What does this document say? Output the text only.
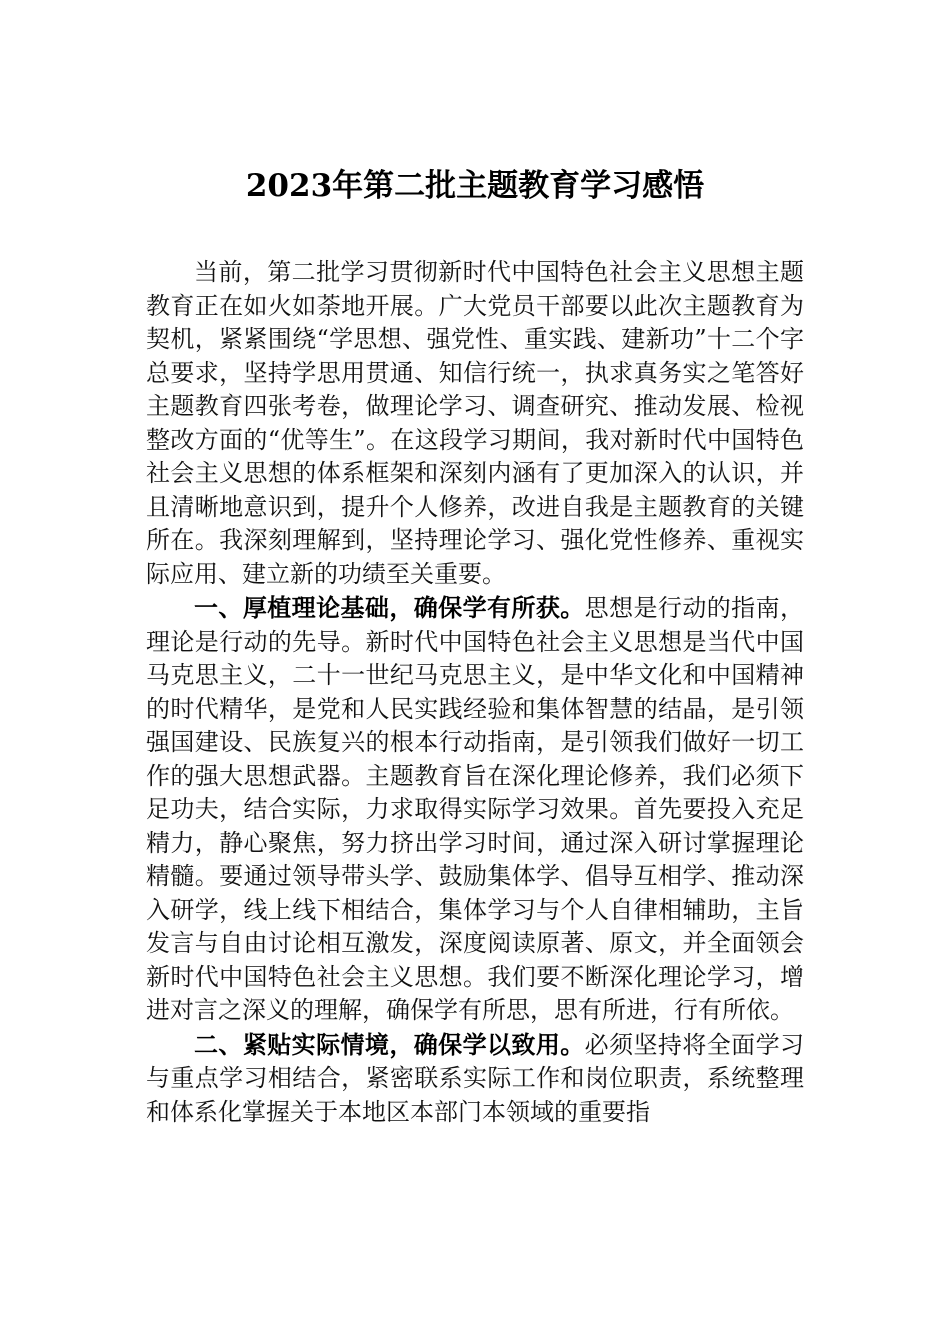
2023年第二批主题教育学习感悟

当前，第二批学习贯彻新时代中国特色社会主义思想主题教育正在如火如荼地开展。广大党员干部要以此次主题教育为契机，紧紧围绕“学思想、强党性、重实践、建新功”十二个字总要求，坚持学思用贯通、知信行统一，执求真务实之笔答好主题教育四张考卷，做理论学习、调查研究、推动发展、检视整改方面的“优等生”。在这段学习期间，我对新时代中国特色社会主义思想的体系框架和深刻内涵有了更加深入的认识，并且清晰地意识到，提升个人修养，改进自我是主题教育的关键所在。我深刻理解到，坚持理论学习、强化党性修养、重视实际应用、建立新的功绩至关重要。

一、厚植理论基础，确保学有所获。思想是行动的指南，理论是行动的先导。新时代中国特色社会主义思想是当代中国马克思主义，二十一世纪马克思主义，是中华文化和中国精神的时代精华，是党和人民实践经验和集体智慧的结晶，是引领强国建设、民族复兴的根本行动指南，是引领我们做好一切工作的强大思想武器。主题教育旨在深化理论修养，我们必须下足功夫，结合实际，力求取得实际学习效果。首先要投入充足精力，静心聚焦，努力挤出学习时间，通过深入研讨掌握理论精髓。要通过领导带头学、鼓励集体学、倡导互相学、推动深入研学，线上线下相结合，集体学习与个人自律相辅助，主旨发言与自由讨论相互激发，深度阅读原著、原文，并全面领会新时代中国特色社会主义思想。我们要不断深化理论学习，增进对言之深义的理解，确保学有所思，思有所进，行有所依。

二、紧贴实际情境，确保学以致用。必须坚持将全面学习与重点学习相结合，紧密联系实际工作和岗位职责，系统整理和体系化掌握关于本地区本部门本领域的重要指
